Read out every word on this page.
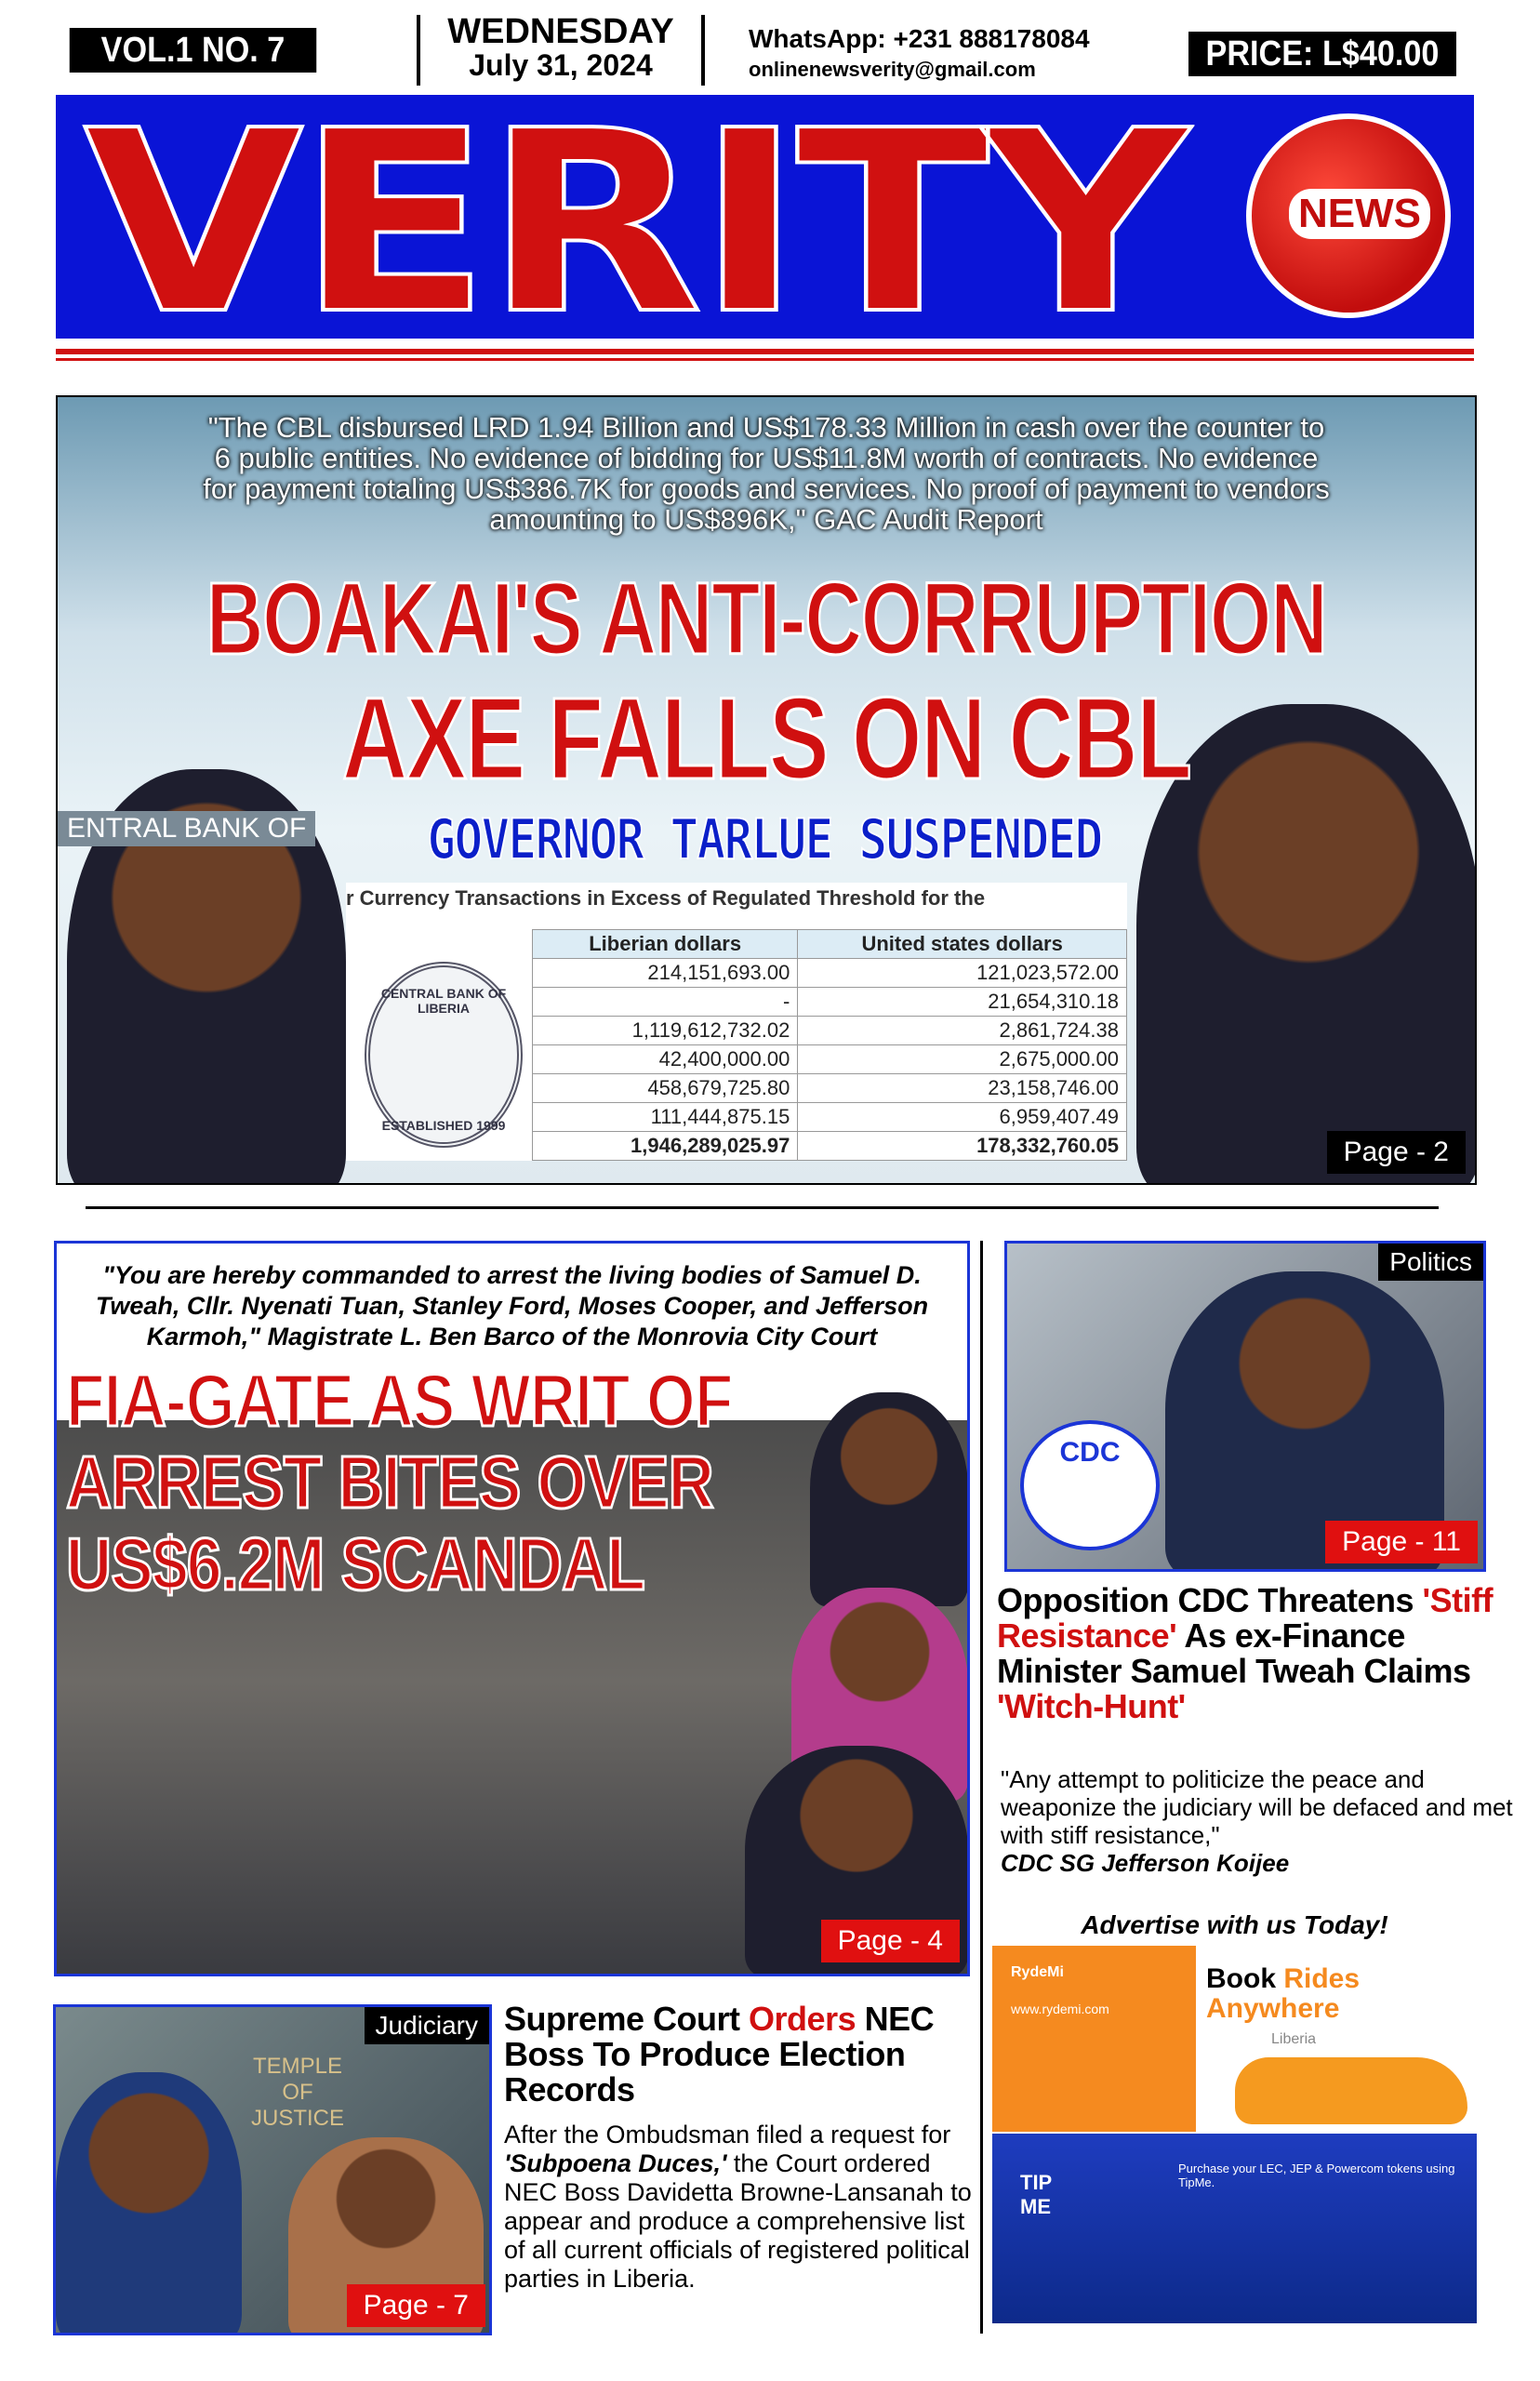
VOL.1 NO. 7	WEDNESDAY
July 31, 2024
WhatsApp: +231 888178084
onlinenewsverity@gmail.com	PRICE: L$40.00
VERITY	NEWS
ENTRAL BANK OF
"The CBL disbursed LRD 1.94 Billion and US$178.33 Million in cash over the counter to 6 public entities. No evidence of bidding for US$11.8M worth of contracts. No evidence for payment totaling US$386.7K for goods and services. No proof of payment to vendors amounting to US$896K," GAC Audit Report
BOAKAI'S ANTI-CORRUPTION
AXE FALLS ON CBL
GOVERNOR TARLUE SUSPENDED
r Currency Transactions in Excess of Regulated Threshold for the
CENTRAL BANK OF LIBERIA
ESTABLISHED 1999
Liberian dollars	United states dollars
214,151,693.00	121,023,572.00
-	21,654,310.18
1,119,612,732.02	2,861,724.38
42,400,000.00	2,675,000.00
458,679,725.80	23,158,746.00
111,444,875.15	6,959,407.49
1,946,289,025.97	178,332,760.05	Page - 2
"You are hereby commanded to arrest the living bodies of Samuel D. Tweah, Cllr. Nyenati Tuan, Stanley Ford, Moses Cooper, and Jefferson Karmoh," Magistrate L. Ben Barco of the Monrovia City Court
FIA-GATE AS WRIT OF ARREST BITES OVER US$6.2M SCANDAL
Page - 4
CDC
Politics
Page - 11
Opposition CDC Threatens 'Stiff Resistance' As ex-Finance Minister Samuel Tweah Claims 'Witch-Hunt'
"Any attempt to politicize the peace and weaponize the judiciary will be defaced and met with stiff resistance,"
CDC SG Jefferson Koijee
Advertise with us Today!
RydeMi
www.rydemi.com
Book Rides
Anywhere
Liberia
TIP ME
Purchase your LEC, JEP & Powercom tokens using TipMe.
TEMPLE OF JUSTICE
Judiciary
Page - 7
Supreme Court Orders NEC Boss To Produce Election Records
After the Ombudsman filed a request for 'Subpoena Duces,' the Court ordered NEC Boss Davidetta Browne-Lansanah to appear and produce a comprehensive list of all current officials of registered political parties in Liberia.
